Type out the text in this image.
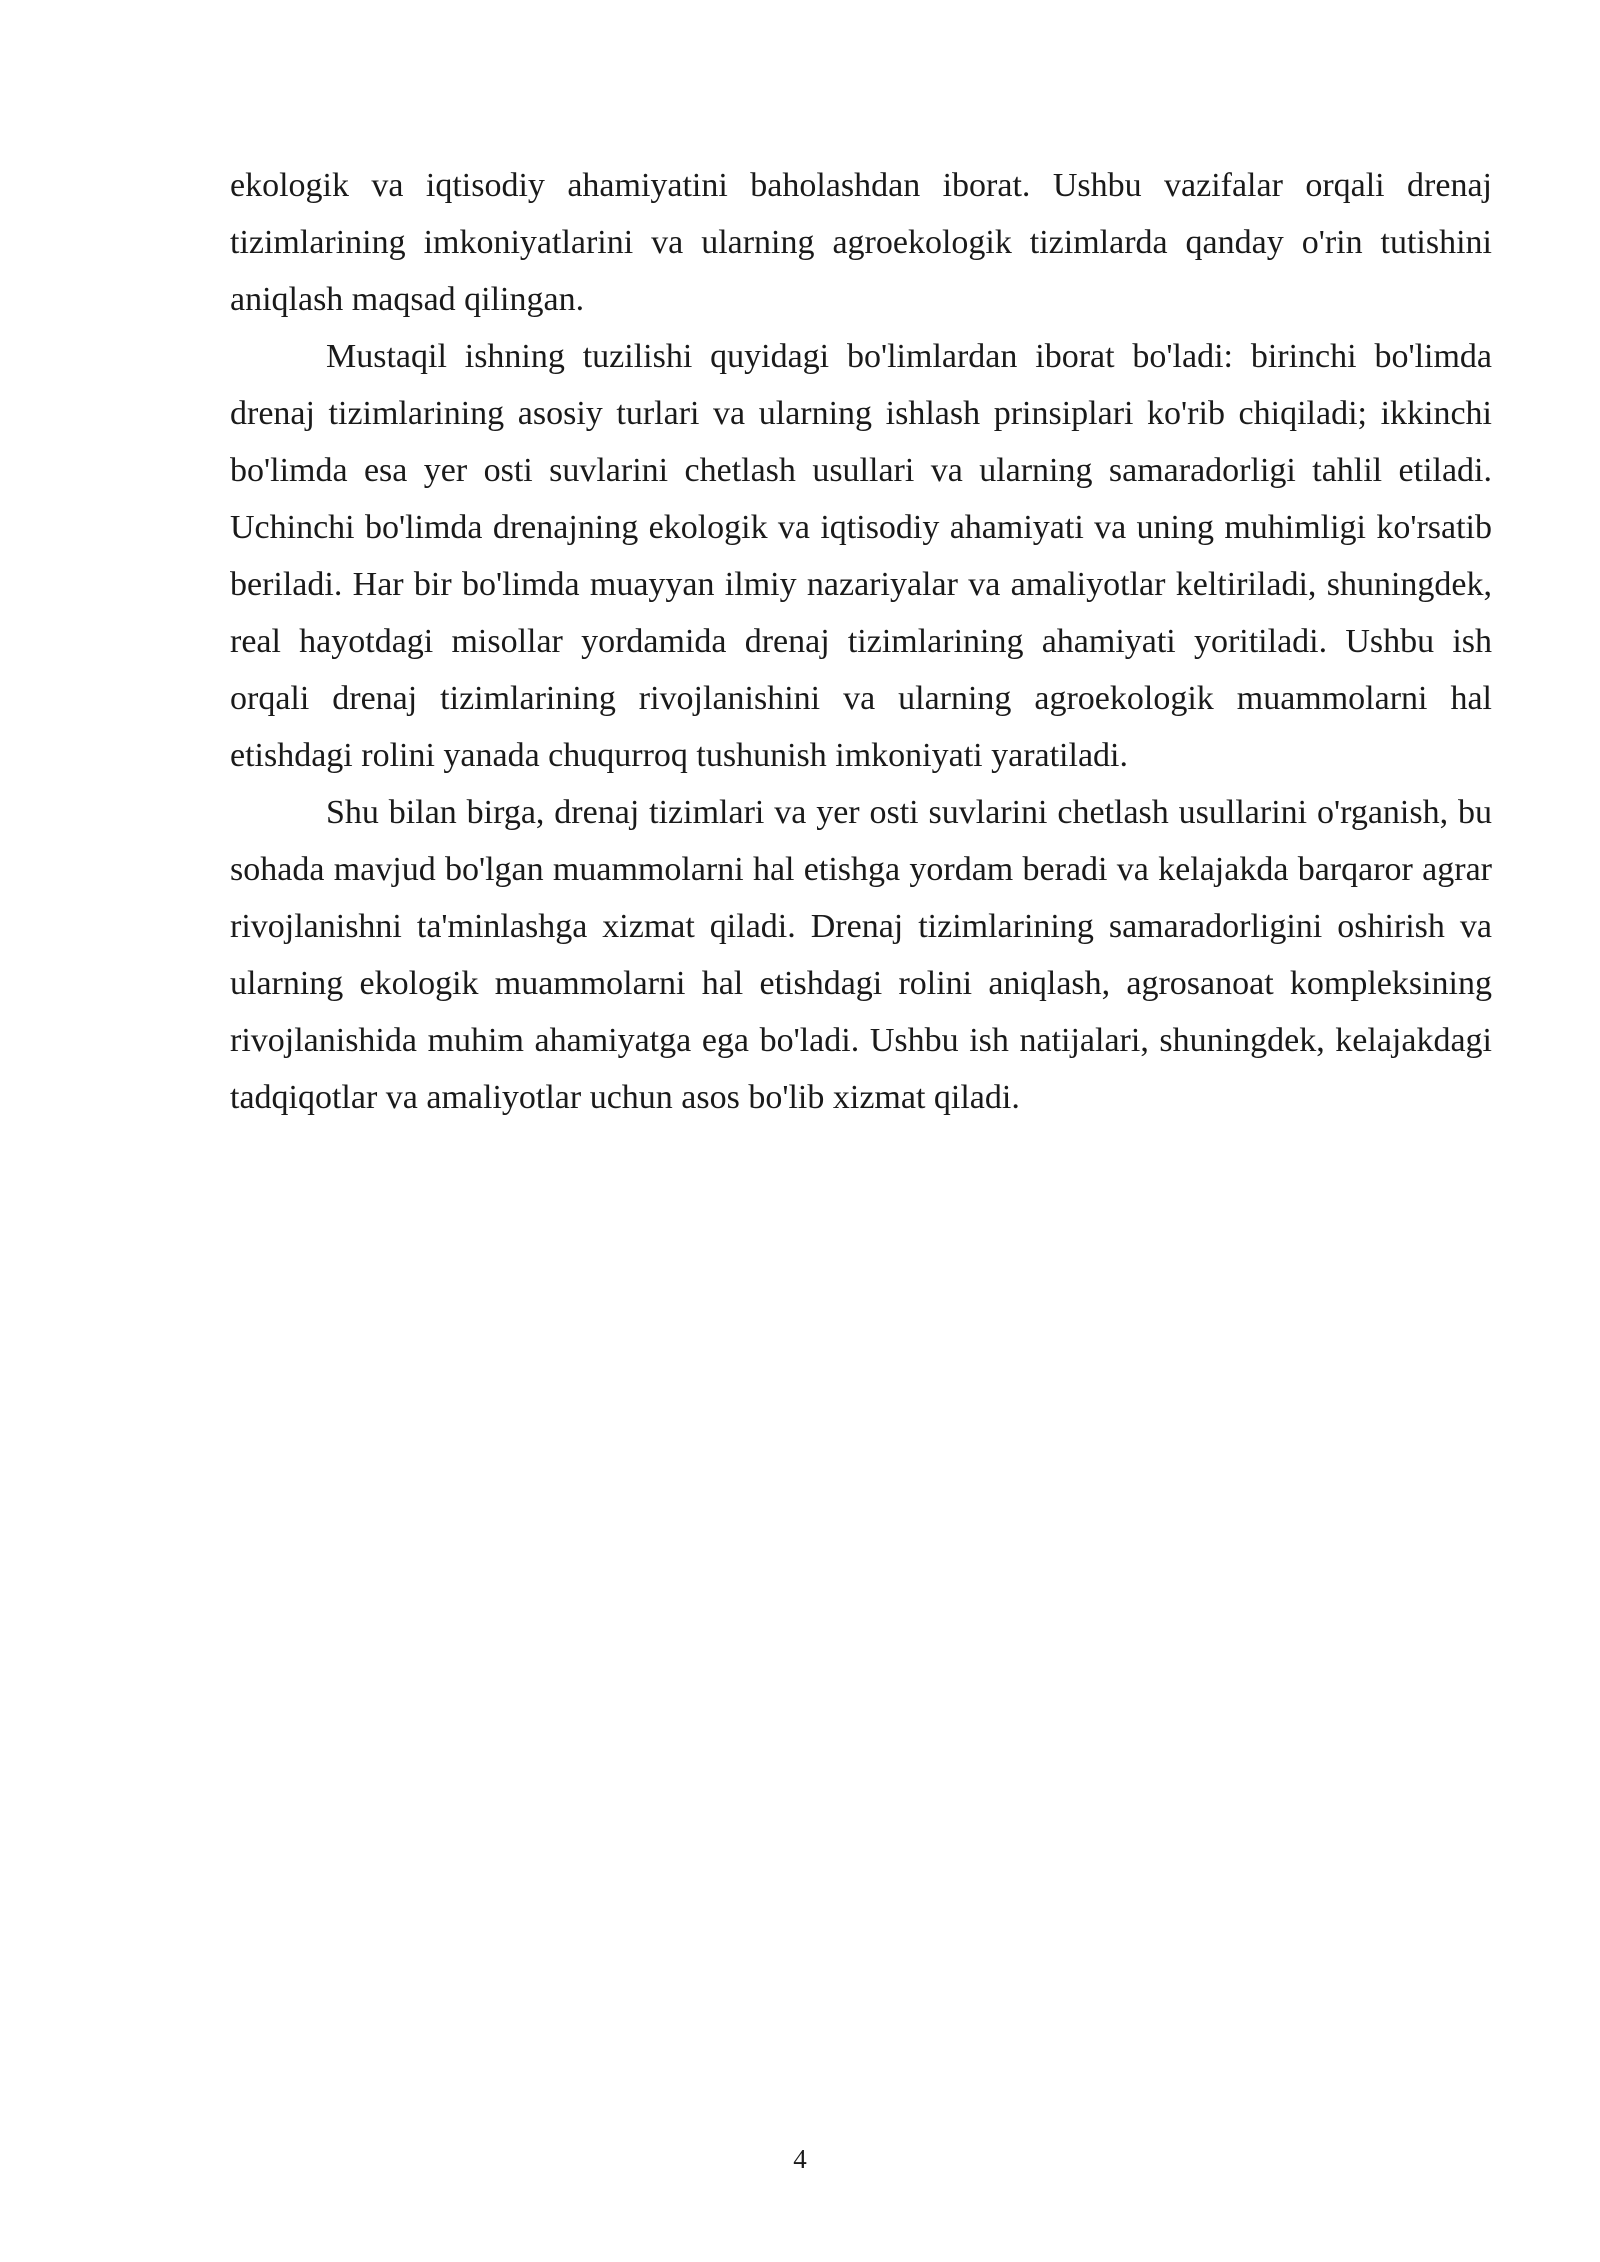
ekologik va iqtisodiy ahamiyatini baholashdan iborat. Ushbu vazifalar orqali drenaj tizimlarining imkoniyatlarini va ularning agroekologik tizimlarda qanday o'rin tutishini aniqlash maqsad qilingan.

Mustaqil ishning tuzilishi quyidagi bo'limlardan iborat bo'ladi: birinchi bo'limda drenaj tizimlarining asosiy turlari va ularning ishlash prinsiplari ko'rib chiqiladi; ikkinchi bo'limda esa yer osti suvlarini chetlash usullari va ularning samaradorligi tahlil etiladi. Uchinchi bo'limda drenajning ekologik va iqtisodiy ahamiyati va uning muhimligi ko'rsatib beriladi. Har bir bo'limda muayyan ilmiy nazariyalar va amaliyotlar keltiriladi, shuningdek, real hayotdagi misollar yordamida drenaj tizimlarining ahamiyati yoritiladi. Ushbu ish orqali drenaj tizimlarining rivojlanishini va ularning agroekologik muammolarni hal etishdagi rolini yanada chuqurroq tushunish imkoniyati yaratiladi.

Shu bilan birga, drenaj tizimlari va yer osti suvlarini chetlash usullarini o'rganish, bu sohada mavjud bo'lgan muammolarni hal etishga yordam beradi va kelajakda barqaror agrar rivojlanishni ta'minlashga xizmat qiladi. Drenaj tizimlarining samaradorligini oshirish va ularning ekologik muammolarni hal etishdagi rolini aniqlash, agrosanoat kompleksining rivojlanishida muhim ahamiyatga ega bo'ladi. Ushbu ish natijalari, shuningdek, kelajakdagi tadqiqotlar va amaliyotlar uchun asos bo'lib xizmat qiladi.

4
